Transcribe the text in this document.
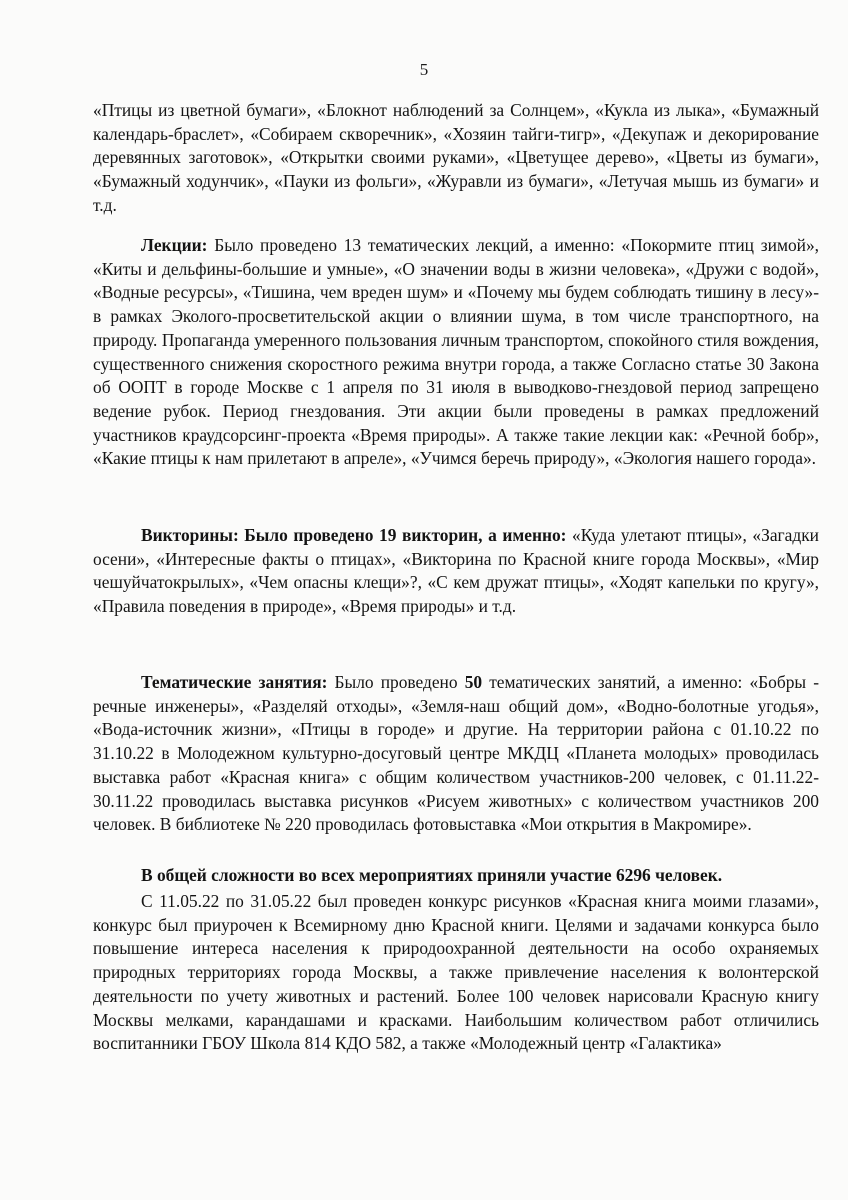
5

«Птицы из цветной бумаги», «Блокнот наблюдений за Солнцем», «Кукла из лыка», «Бумажный календарь-браслет», «Собираем скворечник», «Хозяин тайги-тигр», «Декупаж и декорирование деревянных заготовок», «Открытки своими руками», «Цветущее дерево», «Цветы из бумаги», «Бумажный ходунчик», «Пауки из фольги», «Журавли из бумаги», «Летучая мышь из бумаги» и т.д.

Лекции: Было проведено 13 тематических лекций, а именно: «Покормите птиц зимой», «Киты и дельфины-большие и умные», «О значении воды в жизни человека», «Дружи с водой», «Водные ресурсы», «Тишина, чем вреден шум» и «Почему мы будем соблюдать тишину в лесу»- в рамках Эколого-просветительской акции о влиянии шума, в том числе транспортного, на природу. Пропаганда умеренного пользования личным транспортом, спокойного стиля вождения, существенного снижения скоростного режима внутри города, а также Согласно статье 30 Закона об ООПТ в городе Москве с 1 апреля по 31 июля в выводково-гнездовой период запрещено ведение рубок. Период гнездования. Эти акции были проведены в рамках предложений участников краудсорсинг-проекта «Время природы». А также такие лекции как: «Речной бобр», «Какие птицы к нам прилетают в апреле», «Учимся беречь природу», «Экология нашего города».

Викторины: Было проведено 19 викторин, а именно: «Куда улетают птицы», «Загадки осени», «Интересные факты о птицах», «Викторина по Красной книге города Москвы», «Мир чешуйчатокрылых», «Чем опасны клещи»?, «С кем дружат птицы», «Ходят капельки по кругу», «Правила поведения в природе», «Время природы» и т.д.

Тематические занятия: Было проведено 50 тематических занятий, а именно: «Бобры - речные инженеры», «Разделяй отходы», «Земля-наш общий дом», «Водно-болотные угодья», «Вода-источник жизни», «Птицы в городе» и другие. На территории района с 01.10.22 по 31.10.22 в Молодежном культурно-досуговый центре МКДЦ «Планета молодых» проводилась выставка работ «Красная книга» с общим количеством участников-200 человек, с 01.11.22-30.11.22 проводилась выставка рисунков «Рисуем животных» с количеством участников 200 человек. В библиотеке № 220 проводилась фотовыставка «Мои открытия в Макромире».

В общей сложности во всех мероприятиях приняли участие 6296 человек.

С 11.05.22 по 31.05.22 был проведен конкурс рисунков «Красная книга моими глазами», конкурс был приурочен к Всемирному дню Красной книги. Целями и задачами конкурса было повышение интереса населения к природоохранной деятельности на особо охраняемых природных территориях города Москвы, а также привлечение населения к волонтерской деятельности по учету животных и растений. Более 100 человек нарисовали Красную книгу Москвы мелками, карандашами и красками. Наибольшим количеством работ отличились воспитанники ГБОУ Школа 814 КДО 582, а также «Молодежный центр «Галактика»
